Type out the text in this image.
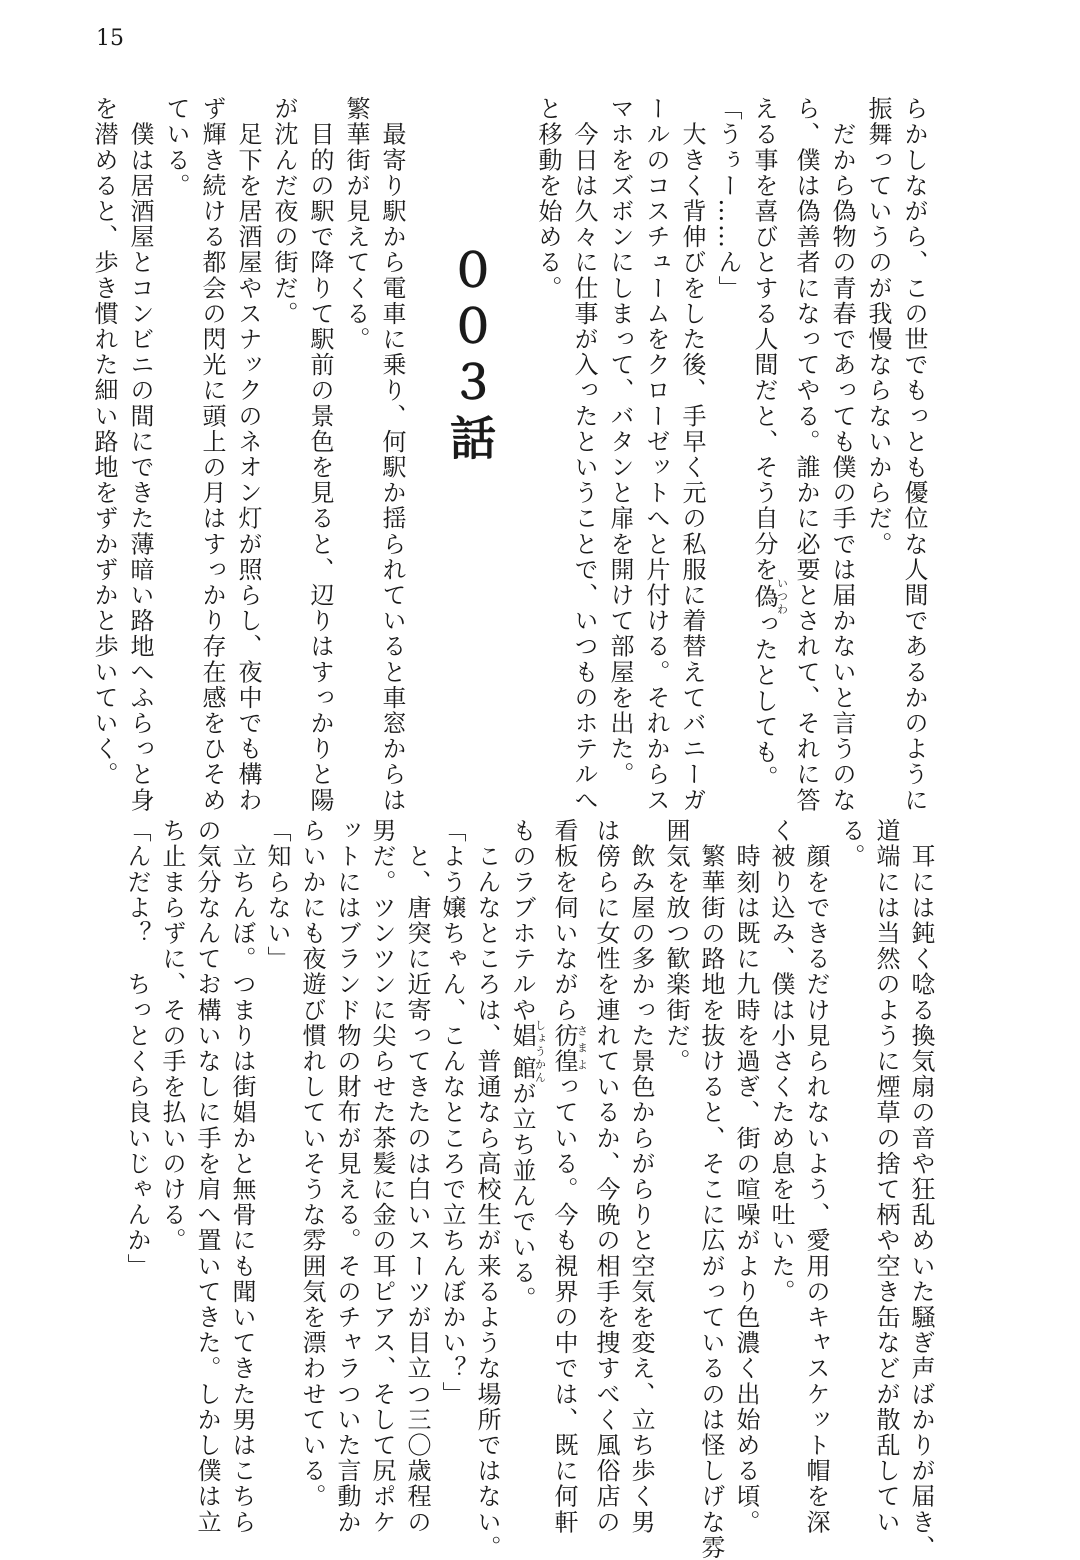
15
らかしながら、この世でもっとも優位な人間であるかのように
振舞っていうのが我慢ならないからだ。
　だから偽物の青春であっても僕の手では届かないと言うのな
ら、僕は偽善者になってやる。誰かに必要とされて、それに答
える事を喜びとする人間だと、そう自分を偽いつわったとしても。
「うぅー……ん」
　大きく背伸びをした後、手早く元の私服に着替えてバニーガ
ールのコスチュームをクローゼットへと片付ける。それからス
マホをズボンにしまって、バタンと扉を開けて部屋を出た。
　今日は久々に仕事が入ったということで、いつものホテルへ
と移動を始める。
００３話
　最寄り駅から電車に乗り、何駅か揺られていると車窓からは
繁華街が見えてくる。
　目的の駅で降りて駅前の景色を見ると、辺りはすっかりと陽
が沈んだ夜の街だ。
　足下を居酒屋やスナックのネオン灯が照らし、夜中でも構わ
ず輝き続ける都会の閃光に頭上の月はすっかり存在感をひそめ
ている。
　僕は居酒屋とコンビニの間にできた薄暗い路地へふらっと身
を潜めると、歩き慣れた細い路地をずかずかと歩いていく。
　耳には鈍く唸る換気扇の音や狂乱めいた騒ぎ声ばかりが届き、
道端には当然のように煙草の捨て柄や空き缶などが散乱してい
る。
　顔をできるだけ見られないよう、愛用のキャスケット帽を深
く被り込み、僕は小さくため息を吐いた。
　時刻は既に九時を過ぎ、街の喧噪がより色濃く出始める頃。
　繁華街の路地を抜けると、そこに広がっているのは怪しげな雰
囲気を放つ歓楽街だ。
　飲み屋の多かった景色からがらりと空気を変え、立ち歩く男
は傍らに女性を連れているか、今晩の相手を捜すべく風俗店の
看板を伺いながら彷徨さまよっている。今も視界の中では、既に何軒
ものラブホテルや娼館しょうかんが立ち並んでいる。
　こんなところは、普通なら高校生が来るような場所ではない。
「よう嬢ちゃん、こんなところで立ちんぼかい？」
　と、唐突に近寄ってきたのは白いスーツが目立つ三〇歳程の
男だ。ツンツンに尖らせた茶髪に金の耳ピアス、そして尻ポケ
ットにはブランド物の財布が見える。そのチャラついた言動か
らいかにも夜遊び慣れしていそうな雰囲気を漂わせている。
「知らない」
　立ちんぼ。つまりは街娼かと無骨にも聞いてきた男はこちら
の気分なんてお構いなしに手を肩へ置いてきた。しかし僕は立
ち止まらずに、その手を払いのける。
「んだよ？　ちっとくら良いじゃんか」
